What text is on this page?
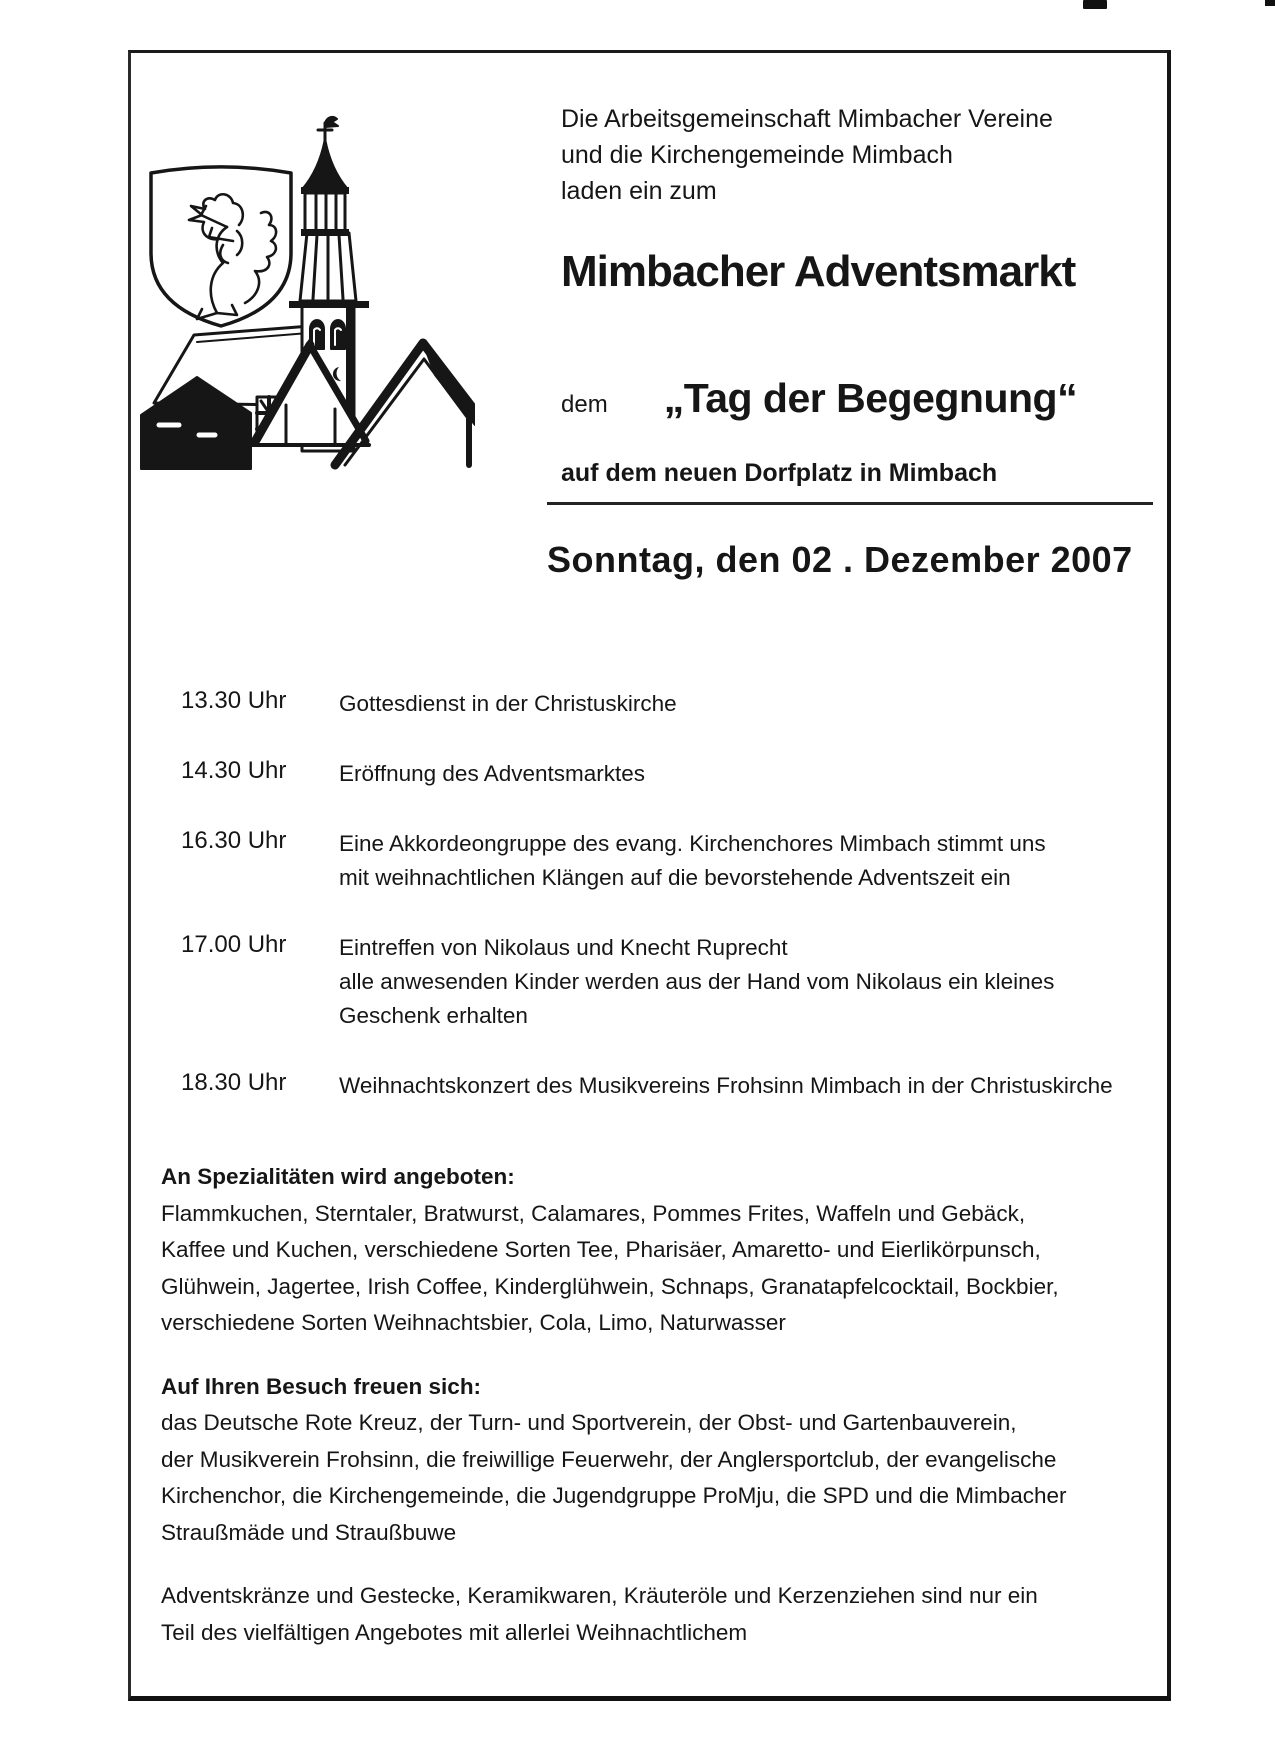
Die Arbeitsgemeinschaft Mimbacher Vereine
und die Kirchengemeinde Mimbach
laden ein zum
Mimbacher Adventsmarkt
dem „Tag der Begegnung“
auf dem neuen Dorfplatz in Mimbach
Sonntag, den 02 . Dezember 2007
13.30 Uhr	Gottesdienst in der Christuskirche
14.30 Uhr	Eröffnung des Adventsmarktes
16.30 Uhr	Eine Akkordeongruppe des evang. Kirchenchores Mimbach stimmt uns
mit weihnachtlichen Klängen auf die bevorstehende Adventszeit ein
17.00 Uhr	Eintreffen von Nikolaus und Knecht Ruprecht
alle anwesenden Kinder werden aus der Hand vom Nikolaus ein kleines
Geschenk erhalten
18.30 Uhr	Weihnachtskonzert des Musikvereins Frohsinn Mimbach in der Christuskirche
An Spezialitäten wird angeboten:
Flammkuchen, Sterntaler, Bratwurst, Calamares, Pommes Frites, Waffeln und Gebäck,
Kaffee und Kuchen, verschiedene Sorten Tee, Pharisäer, Amaretto- und Eierlikörpunsch,
Glühwein, Jagertee, Irish Coffee, Kinderglühwein, Schnaps, Granatapfelcocktail, Bockbier,
verschiedene Sorten Weihnachtsbier, Cola, Limo, Naturwasser
Auf Ihren Besuch freuen sich:
das Deutsche Rote Kreuz, der Turn- und Sportverein, der Obst- und Gartenbauverein,
der Musikverein Frohsinn, die freiwillige Feuerwehr, der Anglersportclub, der evangelische
Kirchenchor, die Kirchengemeinde, die Jugendgruppe ProMju, die SPD und die Mimbacher
Straußmäde und Straußbuwe
Adventskränze und Gestecke, Keramikwaren, Kräuteröle und Kerzenziehen sind nur ein
Teil des vielfältigen Angebotes mit allerlei Weihnachtlichem
